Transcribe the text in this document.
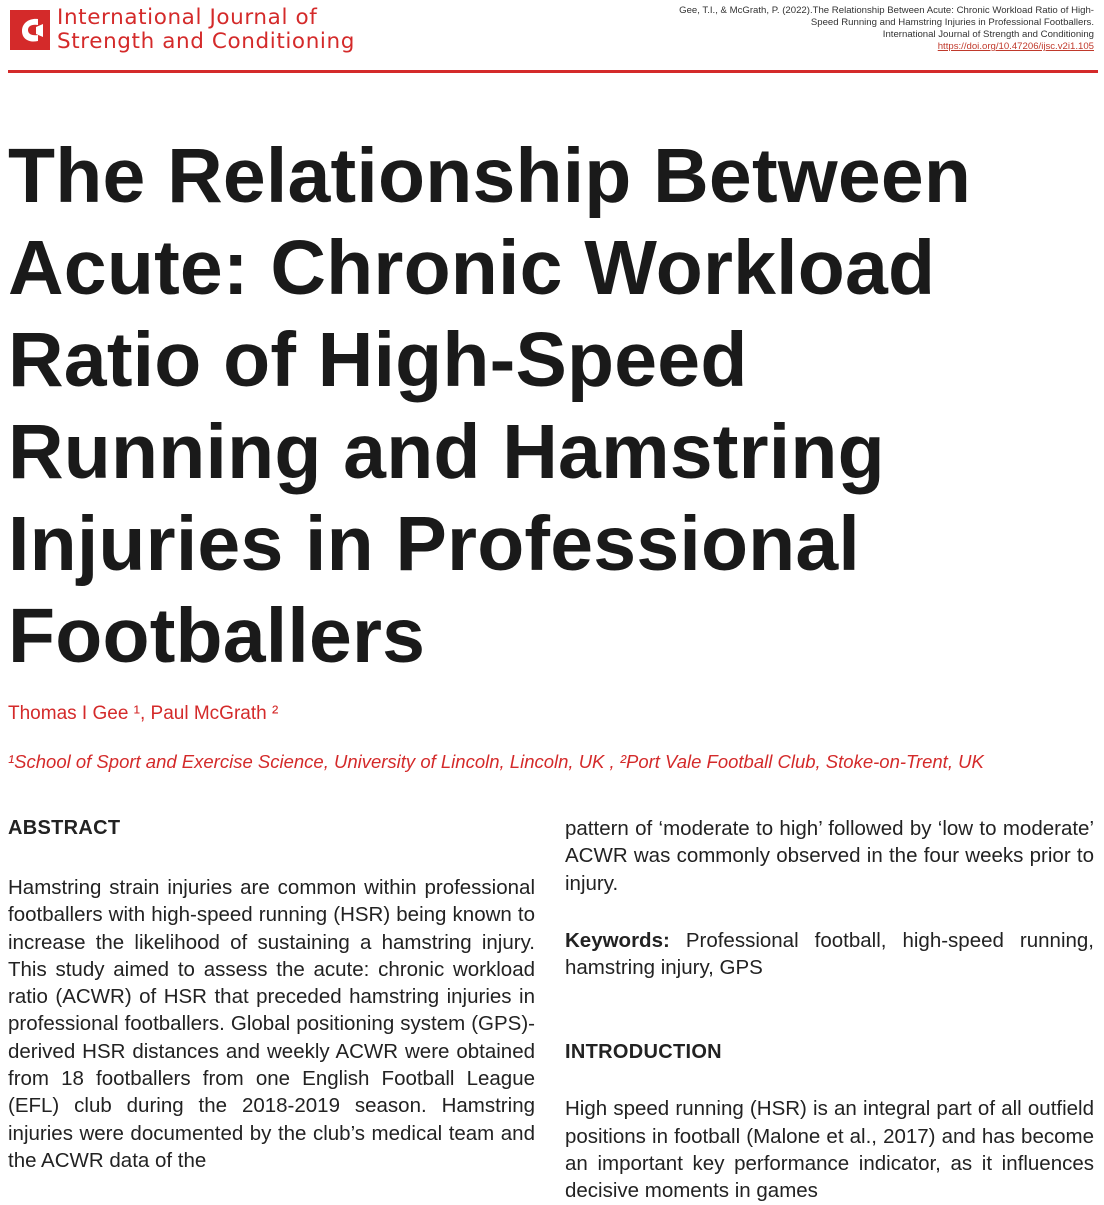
International Journal of
Strength and Conditioning
Gee, T.I., & McGrath, P. (2022).The Relationship Between Acute: Chronic Workload Ratio of High-
Speed Running and Hamstring Injuries in Professional Footballers.
International Journal of Strength and Conditioning
https://doi.org/10.47206/ijsc.v2i1.105
The Relationship Between
Acute: Chronic Workload
Ratio of High-Speed
Running and Hamstring
Injuries in Professional
Footballers
Thomas I Gee ¹, Paul McGrath ²
¹School of Sport and Exercise Science, University of Lincoln, Lincoln, UK , ²Port Vale Football Club, Stoke-on-Trent, UK
ABSTRACT

Hamstring strain injuries are common within professional footballers with high-speed running (HSR) being known to increase the likelihood of sustaining a hamstring injury. This study aimed to assess the acute: chronic workload ratio (ACWR) of HSR that preceded hamstring injuries in professional footballers. Global positioning system (GPS)-derived HSR distances and weekly ACWR were obtained from 18 footballers from one English Football League (EFL) club during the 2018-2019 season. Hamstring injuries were documented by the club’s medical team and the ACWR data of the

pattern of ‘moderate to high’ followed by ‘low to moderate’ ACWR was commonly observed in the four weeks prior to injury.

Keywords: Professional football, high-speed running, hamstring injury, GPS

INTRODUCTION

High speed running (HSR) is an integral part of all outfield positions in football (Malone et al., 2017) and has become an important key performance indicator, as it influences decisive moments in games
